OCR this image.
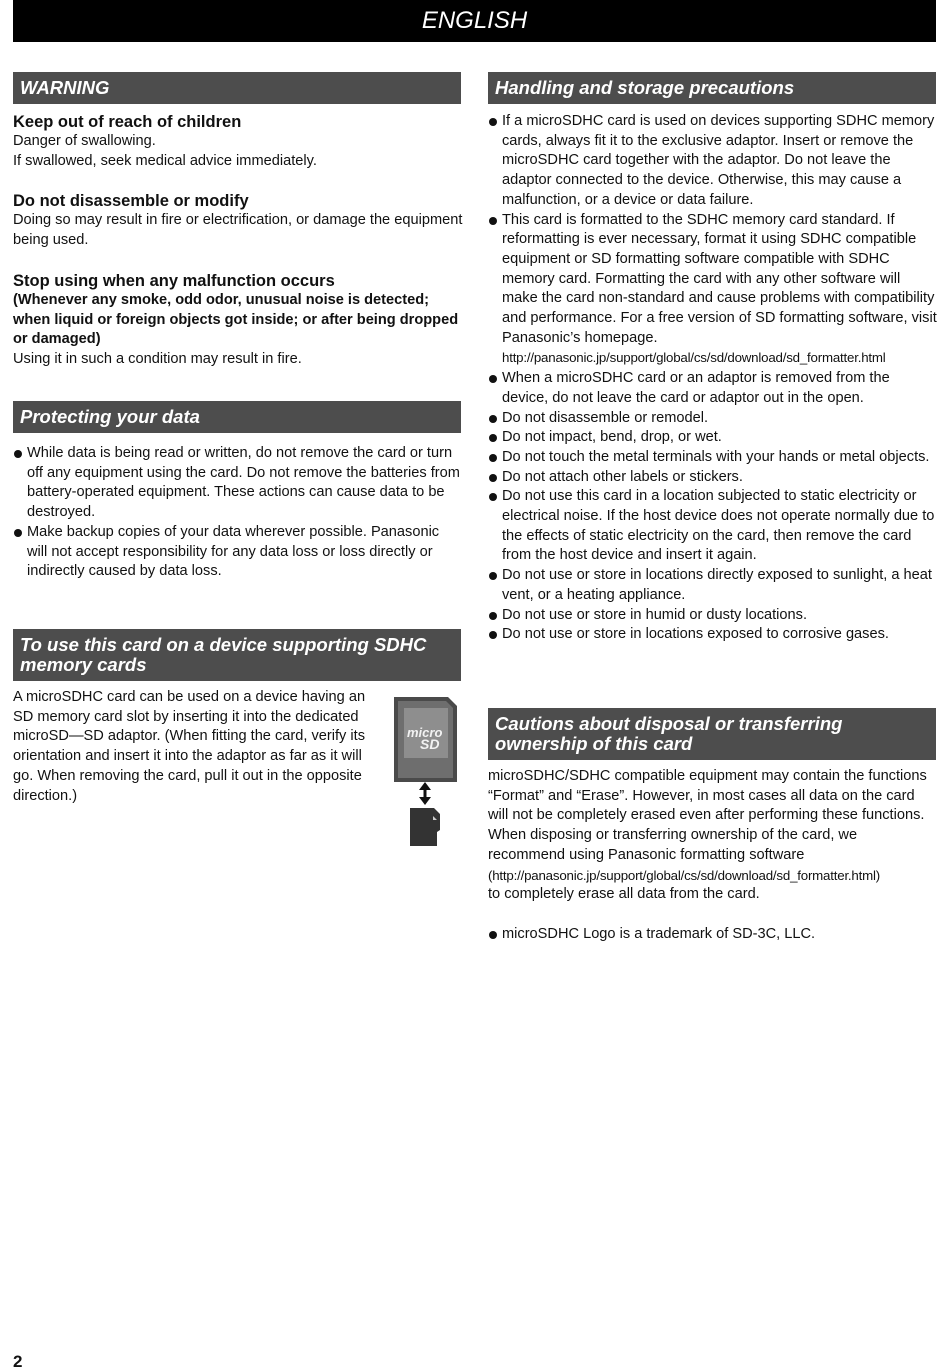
ENGLISH
WARNING
Keep out of reach of children

Danger of swallowing.

If swallowed, seek medical advice immediately.

Do not disassemble or modify

Doing so may result in fire or electrification, or damage the equipment being used.

Stop using when any malfunction occurs

(Whenever any smoke, odd odor, unusual noise is detected; when liquid or foreign objects got inside; or after being dropped or damaged)

Using it in such a condition may result in fire.

Protecting your data
While data is being read or written, do not remove the card or turn off any equipment using the card. Do not remove the batteries from battery-operated equipment. These actions can cause data to be destroyed.
Make backup copies of your data wherever possible. Panasonic will not accept responsibility for any data loss or loss directly or indirectly caused by data loss.
To use this card on a device supporting SDHC memory cards

A microSDHC card can be used on a device having an SD memory card slot by inserting it into the dedicated microSD—SD adaptor. (When fitting the card, verify its orientation and insert it into the adaptor as far as it will go. When removing the card, pull it out in the opposite direction.)

micro
SD
Handling and storage precautions
If a microSDHC card is used on devices supporting SDHC memory cards, always fit it to the exclusive adaptor. Insert or remove the microSDHC card together with the adaptor. Do not leave the adaptor connected to the device. Otherwise, this may cause a malfunction, or a device or data failure.
This card is formatted to the SDHC memory card standard. If reformatting is ever necessary, format it using SDHC compatible equipment or SD formatting software compatible with SDHC memory card. Formatting the card with any other software will make the card non-standard and cause problems with compatibility and performance. For a free version of SD formatting software, visit Panasonic’s homepage.
http://panasonic.jp/support/global/cs/sd/download/sd_formatter.html
When a microSDHC card or an adaptor is removed from the device, do not leave the card or adaptor out in the open.
Do not disassemble or remodel.
Do not impact, bend, drop, or wet.
Do not touch the metal terminals with your hands or metal objects.
Do not attach other labels or stickers.
Do not use this card in a location subjected to static electricity or electrical noise. If the host device does not operate normally due to the effects of static electricity on the card, then remove the card from the host device and insert it again.
Do not use or store in locations directly exposed to sunlight, a heat vent, or a heating appliance.
Do not use or store in humid or dusty locations.
Do not use or store in locations exposed to corrosive gases.
Cautions about disposal or transferring ownership of this card

microSDHC/SDHC compatible equipment may contain the functions “Format” and “Erase”. However, in most cases all data on the card will not be completely erased even after performing these functions. When disposing or transferring ownership of the card, we recommend using Panasonic formatting software

(http://panasonic.jp/support/global/cs/sd/download/sd_formatter.html)

to completely erase all data from the card.

microSDHC Logo is a trademark of SD-3C, LLC.
2
